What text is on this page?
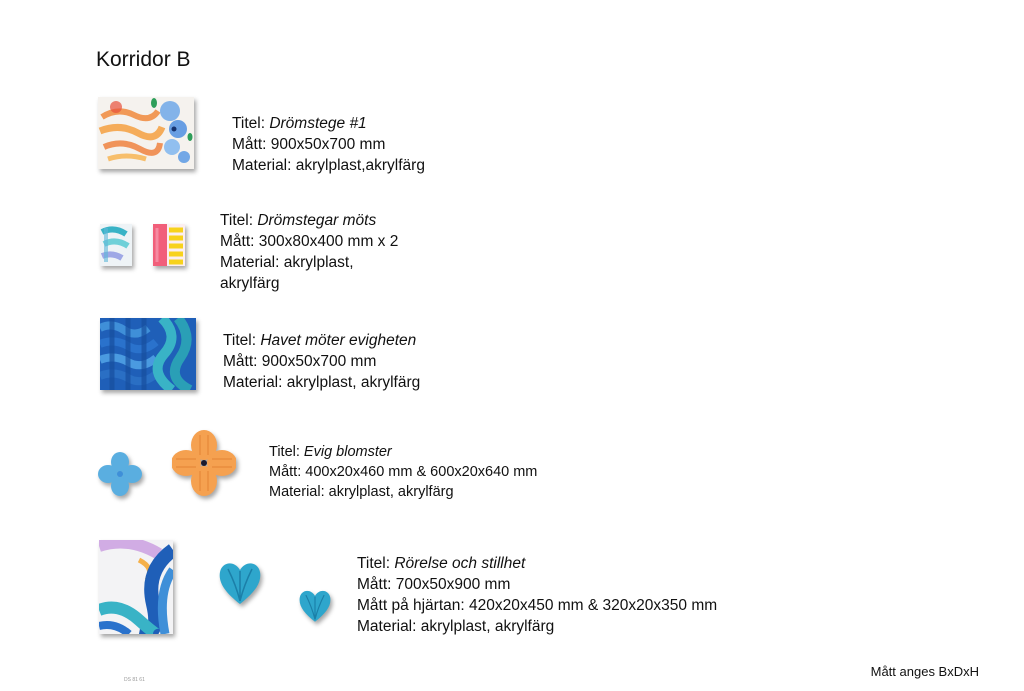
Korridor B
Titel: Drömstege #1
Mått: 900x50x700 mm
Material: akrylplast,akrylfärg
Titel: Drömstegar möts
Mått: 300x80x400 mm x 2
Material: akrylplast,
akrylfärg
Titel: Havet möter evigheten
Mått: 900x50x700 mm
Material: akrylplast, akrylfärg
Titel: Evig blomster
Mått: 400x20x460 mm & 600x20x640 mm
Material: akrylplast, akrylfärg
Titel: Rörelse och stillhet
Mått: 700x50x900 mm
Mått på hjärtan: 420x20x450 mm & 320x20x350 mm
Material: akrylplast, akrylfärg
DS 81 61
Mått anges BxDxH
